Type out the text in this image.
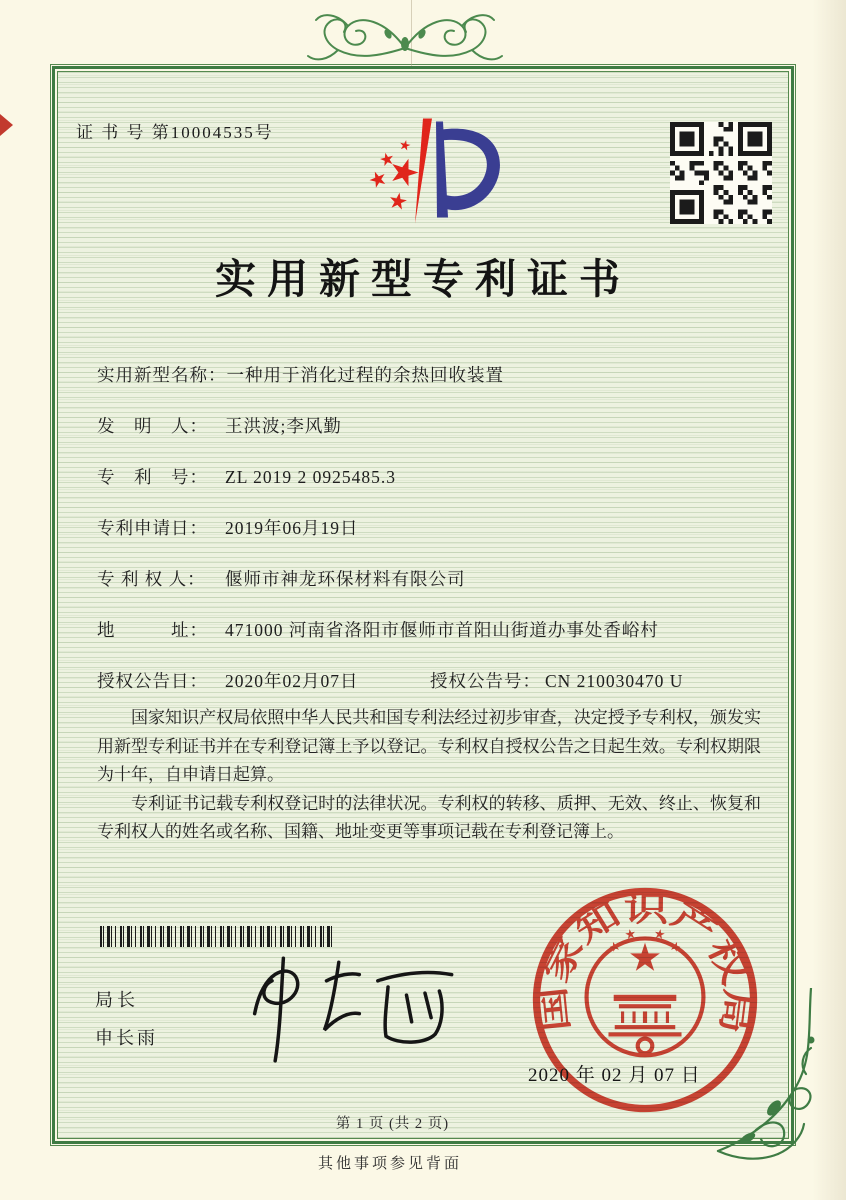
证 书 号 第10004535号
实用新型专利证书
实用新型名称：一种用于消化过程的余热回收装置
发　明　人： 王洪波;李风勤
专　利　号： ZL 2019 2 0925485.3
专利申请日： 2019年06月19日
专 利 权 人： 偃师市神龙环保材料有限公司
地　　　址： 471000 河南省洛阳市偃师市首阳山街道办事处香峪村
授权公告日： 2020年02月07日	授权公告号： CN 210030470 U

国家知识产权局依照中华人民共和国专利法经过初步审查，决定授予专利权，颁发实用新型专利证书并在专利登记簿上予以登记。专利权自授权公告之日起生效。专利权期限为十年，自申请日起算。

专利证书记载专利权登记时的法律状况。专利权的转移、质押、无效、终止、恢复和专利权人的姓名或名称、国籍、地址变更等事项记载在专利登记簿上。

局长
申长雨
国家知识产权局
2020 年 02 月 07 日
第 1 页 (共 2 页)
其他事项参见背面
